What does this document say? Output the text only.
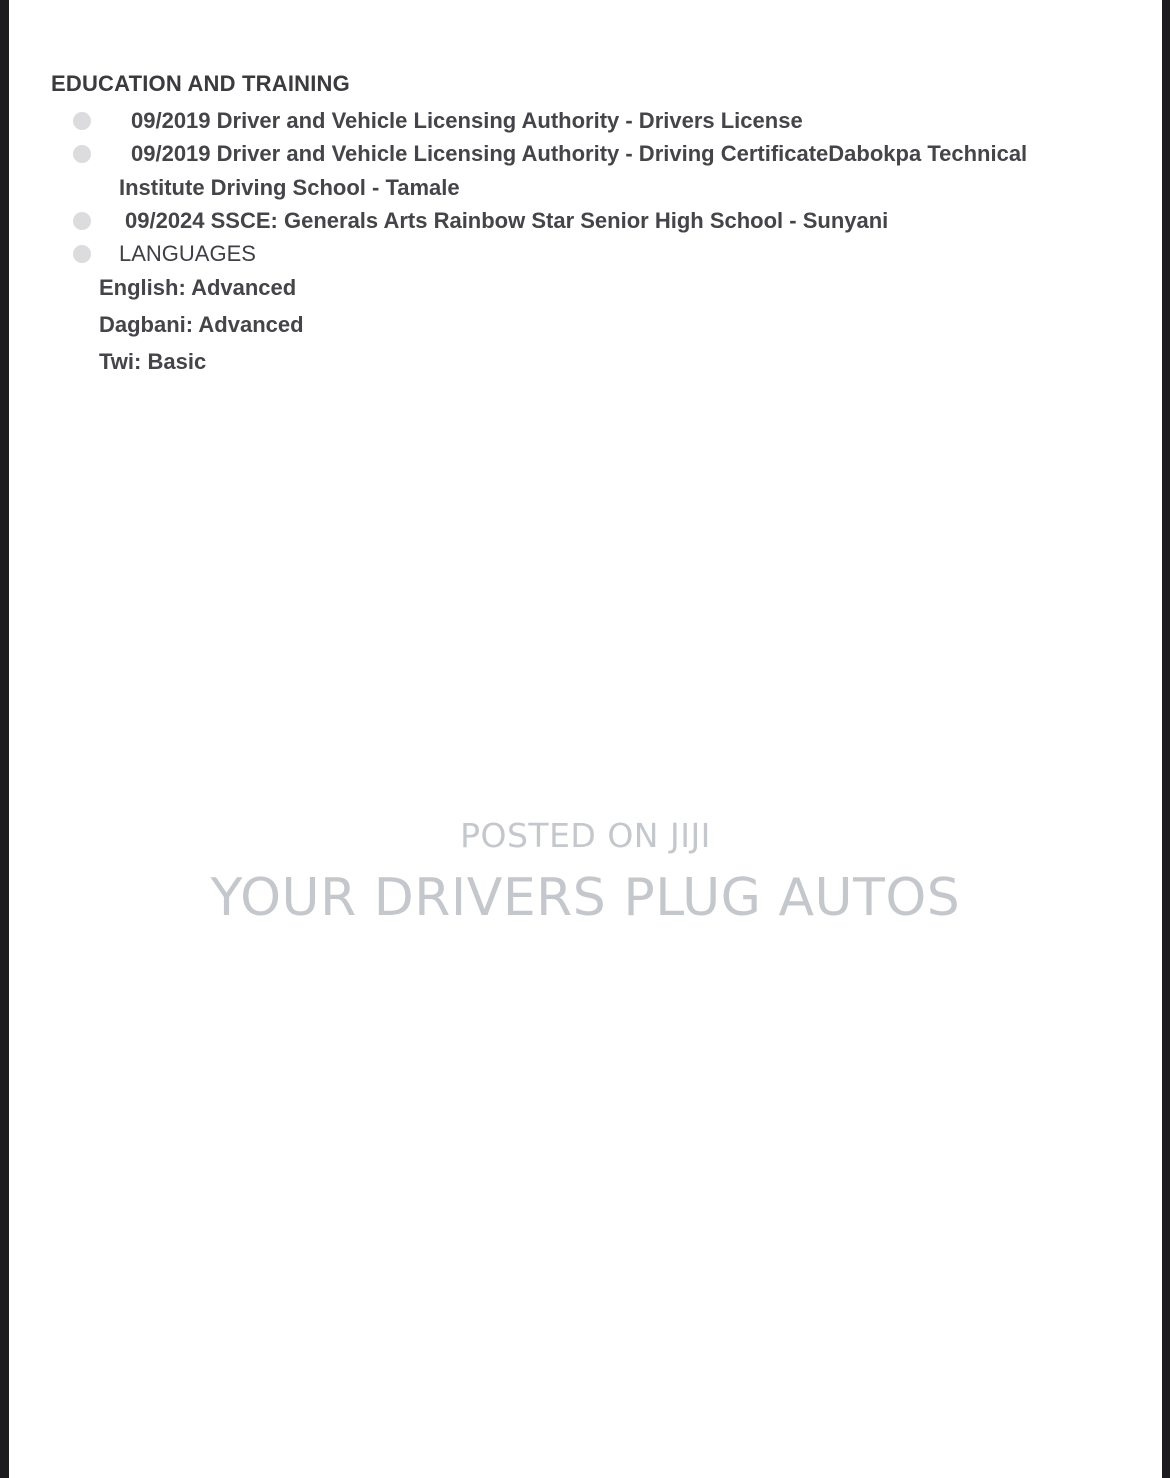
EDUCATION AND TRAINING
09/2019 Driver and Vehicle Licensing Authority - Drivers License
09/2019 Driver and Vehicle Licensing Authority - Driving CertificateDabokpa Technical
Institute Driving School - Tamale
09/2024 SSCE: Generals Arts Rainbow Star Senior High School - Sunyani
LANGUAGES
English: Advanced
Dagbani: Advanced
Twi: Basic
POSTED ON JIJI
YOUR DRIVERS PLUG AUTOS
